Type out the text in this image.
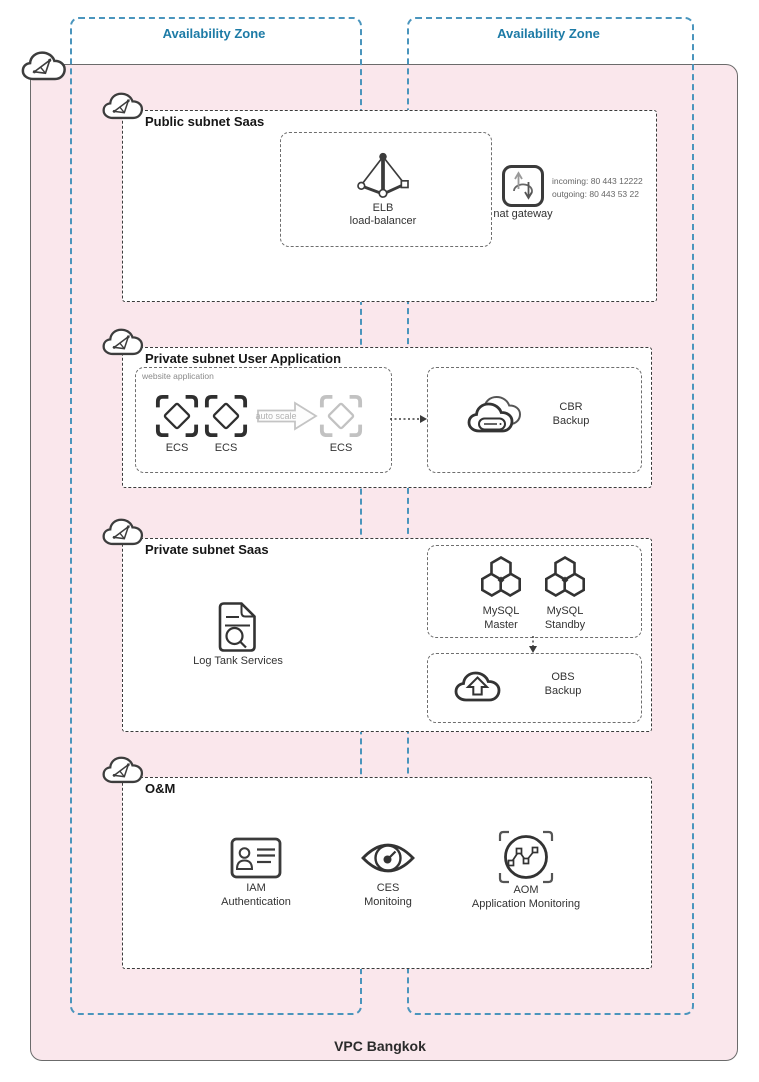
VPC Bangkok
Availability Zone	Availability Zone
Public subnet Saas
ELB
load-balancer
nat gateway
incoming: 80 443 12222
outgoing: 80 443 53 22
Private subnet User Application
website application
ECS	ECS
auto scale
ECS
CBR
Backup
Private subnet Saas
Log Tank Services
MySQL
Master
MySQL
Standby
OBS
Backup
O&M
IAM
Authentication
CES
Monitoing
AOM
Application Monitoring
